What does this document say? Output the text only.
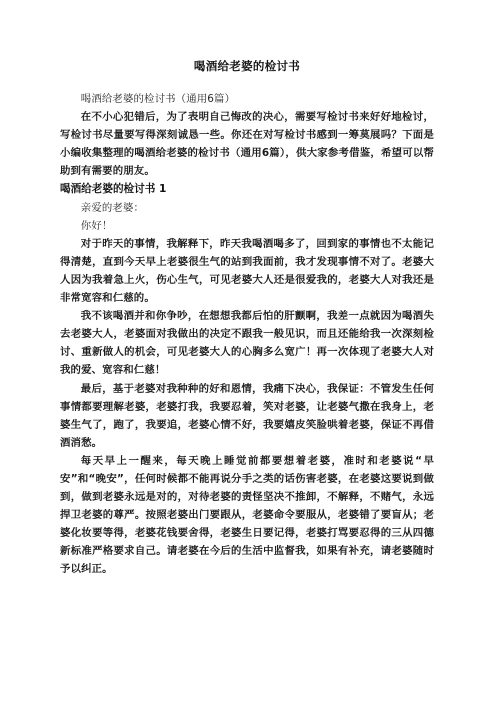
喝酒给老婆的检讨书

喝酒给老婆的检讨书（通用6篇）

在不小心犯错后，为了表明自己悔改的决心，需要写检讨书来好好地检讨，写检讨书尽量要写得深刻诚恳一些。你还在对写检讨书感到一筹莫展吗？下面是小编收集整理的喝酒给老婆的检讨书（通用6篇），供大家参考借鉴，希望可以帮助到有需要的朋友。

喝酒给老婆的检讨书 1

亲爱的老婆：

你好！

对于昨天的事情，我解释下，昨天我喝酒喝多了，回到家的事情也不太能记得清楚，直到今天早上老婆很生气的站到我面前，我才发现事情不对了。老婆大人因为我着急上火，伤心生气，可见老婆大人还是很爱我的，老婆大人对我还是非常宽容和仁慈的。

我不该喝酒并和你争吵，在想想我都后怕的肝颤啊，我差一点就因为喝酒失去老婆大人，老婆面对我做出的决定不跟我一般见识，而且还能给我一次深刻检讨、重新做人的机会，可见老婆大人的心胸多么宽广！再一次体现了老婆大人对我的爱、宽容和仁慈！

最后，基于老婆对我种种的好和恩情，我痛下决心，我保证：不管发生任何事情都要理解老婆，老婆打我，我要忍着，笑对老婆，让老婆气撒在我身上，老婆生气了，跑了，我要追，老婆心情不好，我要嬉皮笑脸哄着老婆，保证不再借酒消愁。

每天早上一醒来，每天晚上睡觉前都要想着老婆，准时和老婆说“早安”和“晚安”，任何时候都不能再说分手之类的话伤害老婆，在老婆这要说到做到，做到老婆永远是对的，对待老婆的责怪坚决不推卸，不解释，不赌气，永远捍卫老婆的尊严。按照老婆出门要跟从，老婆命令要服从，老婆错了要盲从；老婆化妆要等得，老婆花钱要舍得，老婆生日要记得，老婆打骂要忍得的三从四德新标准严格要求自己。请老婆在今后的生活中监督我，如果有补充，请老婆随时予以纠正。
